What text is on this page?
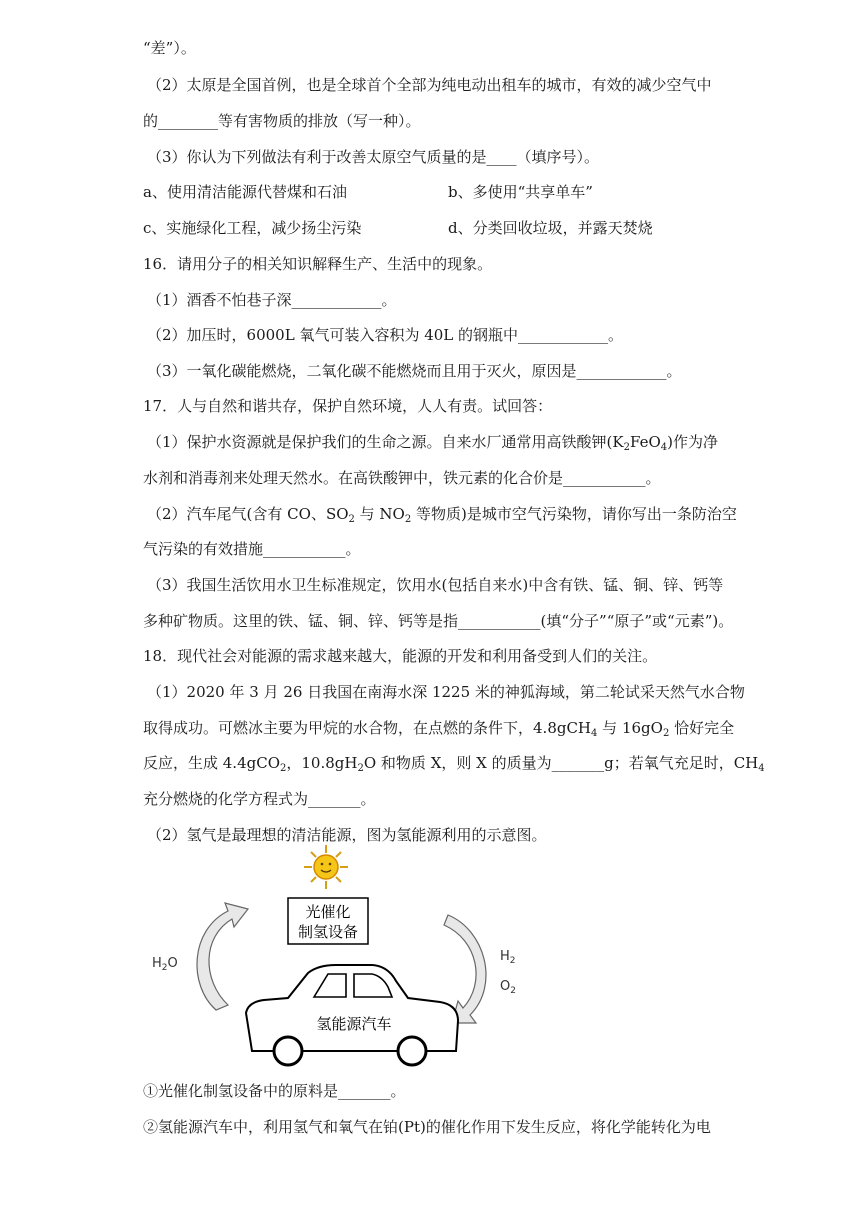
“差”）。
（2）太原是全国首例，也是全球首个全部为纯电动出租车的城市，有效的减少空气中
的________等有害物质的排放（写一种）。
（3）你认为下列做法有利于改善太原空气质量的是____（填序号）。
a、使用清洁能源代替煤和石油	b、多使用“共享单车”
c、实施绿化工程，减少扬尘污染	d、分类回收垃圾，并露天焚烧
16．请用分子的相关知识解释生产、生活中的现象。
（1）酒香不怕巷子深____________。
（2）加压时，6000L 氧气可装入容积为 40L 的钢瓶中____________。
（3）一氧化碳能燃烧，二氧化碳不能燃烧而且用于灭火，原因是____________。
17．人与自然和谐共存，保护自然环境，人人有责。试回答：
（1）保护水资源就是保护我们的生命之源。自来水厂通常用高铁酸钾$(K_2FeO_4)$作为净
水剂和消毒剂来处理天然水。在高铁酸钾中，铁元素的化合价是___________。
（2）汽车尾气(含有 CO、$SO_2$ 与 $NO_2$ 等物质)是城市空气污染物，请你写出一条防治空
气污染的有效措施___________。
（3）我国生活饮用水卫生标准规定，饮用水(包括自来水)中含有铁、锰、铜、锌、钙等
多种矿物质。这里的铁、锰、铜、锌、钙等是指___________(填“分子”“原子”或“元素”)。
18．现代社会对能源的需求越来越大，能源的开发和利用备受到人们的关注。
（1）2020 年 3 月 26 日我国在南海水深 1225 米的神狐海域，第二轮试采天然气水合物
取得成功。可燃冰主要为甲烷的水合物，在点燃的条件下，4.8gCH$_4$ 与 $16gO_2$ 恰好完全
反应，生成 4.4gCO$_2$，$10.8gH_2O$ 和物质 X，则 X 的质量为_______g；若氧气充足时，$CH_4$
充分燃烧的化学方程式为_______。
（2）氢气是最理想的清洁能源，图为氢能源利用的示意图。
光催化
制氢设备
$H_2O$	$H_2$
$O_2$
氢能源汽车
①光催化制氢设备中的原料是_______。
②氢能源汽车中，利用氢气和氧气在铂(Pt)的催化作用下发生反应，将化学能转化为电
